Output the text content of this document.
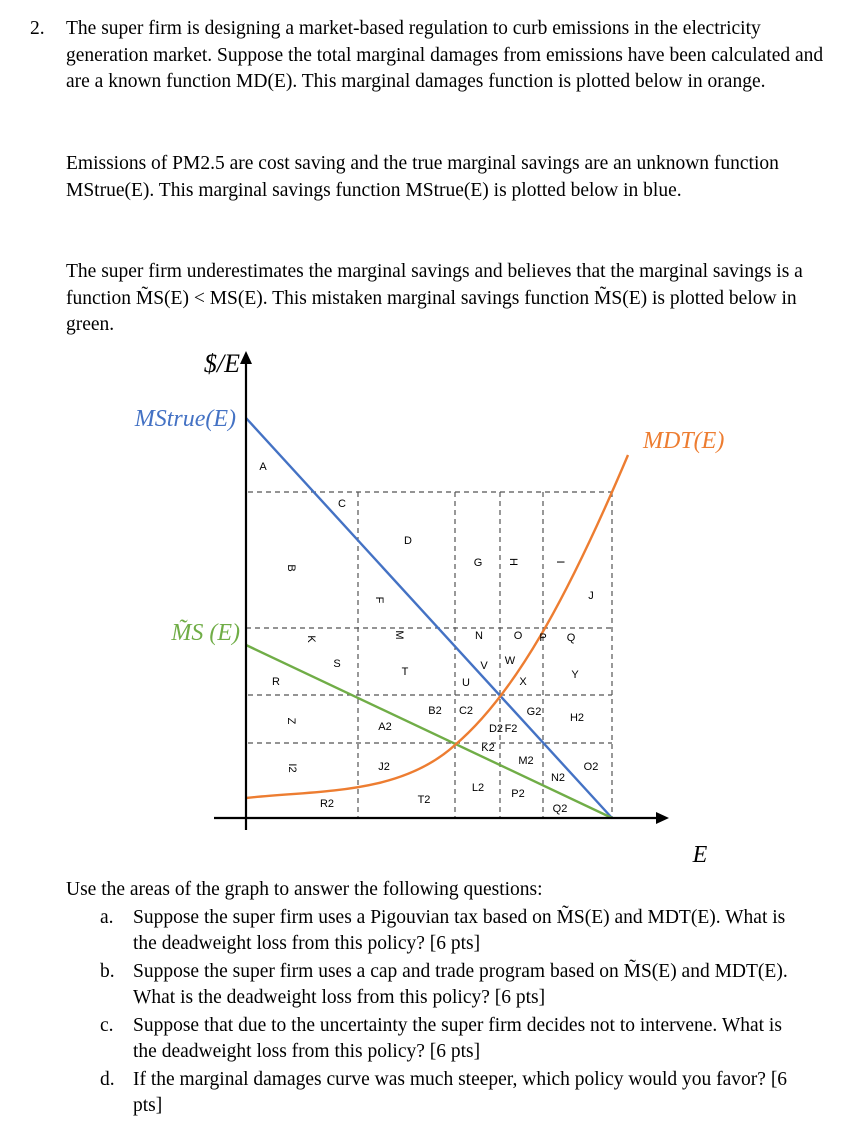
2. The super firm is designing a market-based regulation to curb emissions in the electricity generation market. Suppose the total marginal damages from emissions have been calculated and are a known function MD(E). This marginal damages function is plotted below in orange.

Emissions of PM2.5 are cost saving and the true marginal savings are an unknown function MStrue(E). This marginal savings function MStrue(E) is plotted below in blue.

The super firm underestimates the marginal savings and believes that the marginal savings is a function M̃S(E) < MS(E). This mistaken marginal savings function M̃S(E) is plotted below in green.

A
B
C
D
F
G H	I
J
K	M	N	O P Q
R
S
T
U
V W
X
Y
Z	A2
B2 C2
D2 F2
G2	H2
I2	J2
K2
L2
M2
N2
O2
P2
Q2
R2	T2
$/E
E
MStrue(E)
MDT(E)
M̃S (E)
Use the areas of the graph to answer the following questions:
a. Suppose the super firm uses a Pigouvian tax based on M̃S(E) and MDT(E). What is the deadweight loss from this policy? [6 pts]
b. Suppose the super firm uses a cap and trade program based on M̃S(E) and MDT(E). What is the deadweight loss from this policy? [6 pts]
c. Suppose that due to the uncertainty the super firm decides not to intervene. What is the deadweight loss from this policy? [6 pts]
d. If the marginal damages curve was much steeper, which policy would you favor? [6 pts]
